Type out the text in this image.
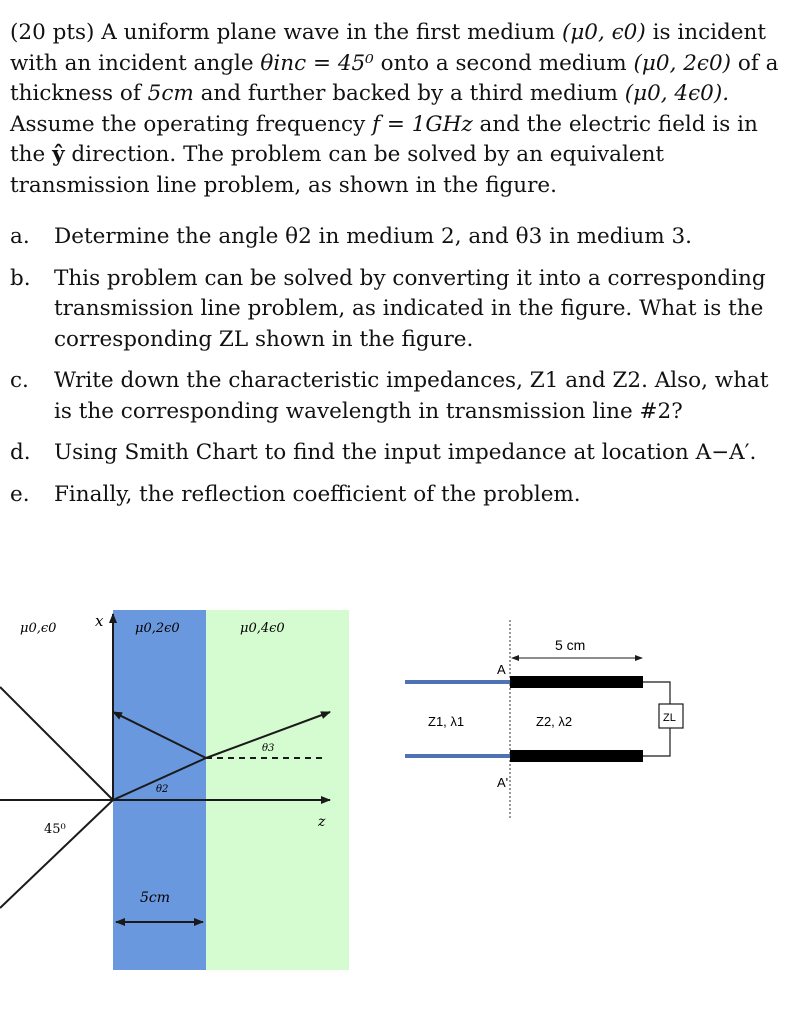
(20 pts) A uniform plane wave in the first medium (μ0, ϵ0) is incident with an incident angle θinc = 45⁰ onto a second medium (μ0, 2ϵ0) of a thickness of 5cm and further backed by a third medium (μ0, 4ϵ0). Assume the operating frequency f = 1GHz and the electric field is in the ŷ direction. The problem can be solved by an equivalent transmission line problem, as shown in the figure.

a.	Determine the angle θ2 in medium 2, and θ3 in medium 3.
b.	This problem can be solved by converting it into a corresponding transmission line problem, as indicated in the figure. What is the corresponding ZL shown in the figure.
c.	Write down the characteristic impedances, Z1 and Z2. Also, what is the corresponding wavelength in transmission line #2?
d.	Using Smith Chart to find the input impedance at location A−A′.
e.	Finally, the reflection coefficient of the problem.
μ0,ϵ0	x μ0,2ϵ0	μ0,4ϵ0
z
45⁰
θ2
θ3
5cm
5 cm
A
A'
Z1, λ1	Z2, λ2	ZL
